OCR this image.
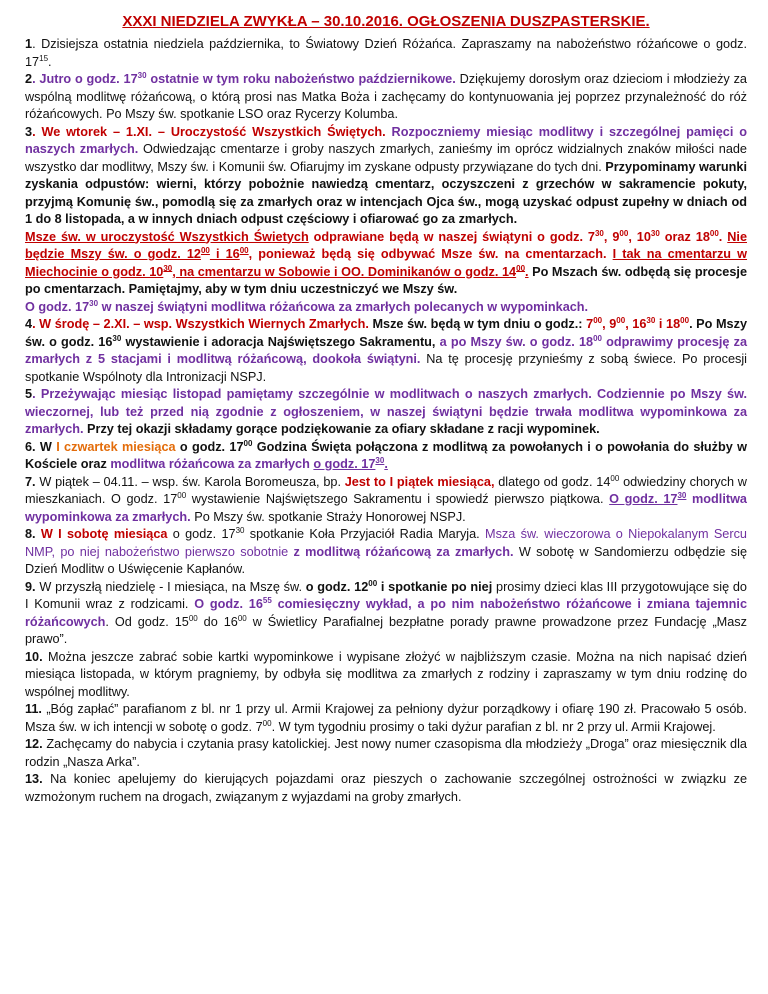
XXXI NIEDZIELA ZWYKŁA – 30.10.2016. OGŁOSZENIA DUSZPASTERSKIE.

1. Dzisiejsza ostatnia niedziela października, to Światowy Dzień Różańca. Zapraszamy na nabożeństwo różańcowe o godz. $17^{15}$.

2. Jutro o godz. $17^{30}$ ostatnie w tym roku nabożeństwo październikowe. Dziękujemy dorosłym oraz dzieciom i młodzieży za wspólną modlitwę różańcową, o którą prosi nas Matka Boża i zachęcamy do kontynuowania jej poprzez przynależność do róż różańcowych. Po Mszy św. spotkanie LSO oraz Rycerzy Kolumba.

3. We wtorek – 1.XI. – Uroczystość Wszystkich Świętych. Rozpoczniemy miesiąc modlitwy i szczególnej pamięci o naszych zmarłych. Odwiedzając cmentarze i groby naszych zmarłych, zanieśmy im oprócz widzialnych znaków miłości nade wszystko dar modlitwy, Mszy św. i Komunii św. Ofiarujmy im zyskane odpusty przywiązane do tych dni. Przypominamy warunki zyskania odpustów: wierni, którzy pobożnie nawiedzą cmentarz, oczyszczeni z grzechów w sakramencie pokuty, przyjmą Komunię św., pomodlą się za zmarłych oraz w intencjach Ojca św., mogą uzyskać odpust zupełny w dniach od 1 do 8 listopada, a w innych dniach odpust częściowy i ofiarować go za zmarłych.

Msze św. w uroczystość Wszystkich Świetych odprawiane będą w naszej świątyni o godz. $7^{30}$, $9^{00}$, $10^{30}$ oraz $18^{00}$. Nie będzie Mszy św. o godz. $12^{00}$ i $16^{00}$, ponieważ będą się odbywać Msze św. na cmentarzach. I tak na cmentarzu w Miechocinie o godz. $10^{30}$, na cmentarzu w Sobowie i OO. Dominikanów o godz. $14^{00}$. Po Mszach św. odbędą się procesje po cmentarzach. Pamiętajmy, aby w tym dniu uczestniczyć we Mszy św.

O godz. $17^{30}$ w naszej świątyni modlitwa różańcowa za zmarłych polecanych w wypominkach.

4. W środę – 2.XI. – wsp. Wszystkich Wiernych Zmarłych. Msze św. będą w tym dniu o godz.: $7^{00}$, $9^{00}$, $16^{30}$ i $18^{00}$. Po Mszy św. o godz. $16^{30}$ wystawienie i adoracja Najświętszego Sakramentu, a po Mszy św. o godz. $18^{00}$ odprawimy procesję za zmarłych z 5 stacjami i modlitwą różańcową, dookoła świątyni. Na tę procesję przynieśmy z sobą świece. Po procesji spotkanie Wspólnoty dla Intronizacji NSPJ.

5. Przeżywając miesiąc listopad pamiętamy szczególnie w modlitwach o naszych zmarłych. Codziennie po Mszy św. wieczornej, lub też przed nią zgodnie z ogłoszeniem, w naszej świątyni będzie trwała modlitwa wypominkowa za zmarłych. Przy tej okazji składamy gorące podziękowanie za ofiary składane z racji wypominek.

6. W I czwartek miesiąca o godz. $17^{00}$ Godzina Święta połączona z modlitwą za powołanych i o powołania do służby w Kościele oraz modlitwa różańcowa za zmarłych o godz. $17^{30}$.

7. W piątek – 04.11. – wsp. św. Karola Boromeusza, bp. Jest to I piątek miesiąca, dlatego od godz. $14^{00}$ odwiedziny chorych w mieszkaniach. O godz. $17^{00}$ wystawienie Najświętszego Sakramentu i spowiedź pierwszo piątkowa. O godz. $17^{30}$ modlitwa wypominkowa za zmarłych. Po Mszy św. spotkanie Straży Honorowej NSPJ.

8. W I sobotę miesiąca o godz. $17^{30}$ spotkanie Koła Przyjaciół Radia Maryja. Msza św. wieczorowa o Niepokalanym Sercu NMP, po niej nabożeństwo pierwszo sobotnie z modlitwą różańcową za zmarłych. W sobotę w Sandomierzu odbędzie się Dzień Modlitw o Uświęcenie Kapłanów.

9. W przyszłą niedzielę - I miesiąca, na Mszę św. o godz. $12^{00}$ i spotkanie po niej prosimy dzieci klas III przygotowujące się do I Komunii wraz z rodzicami. O godz. $16^{55}$ comiesięczny wykład, a po nim nabożeństwo różańcowe i zmiana tajemnic różańcowych. Od godz. $15^{00}$ do $16^{00}$ w Świetlicy Parafialnej bezpłatne porady prawne prowadzone przez Fundację „Masz prawo”.

10. Można jeszcze zabrać sobie kartki wypominkowe i wypisane złożyć w najbliższym czasie. Można na nich napisać dzień miesiąca listopada, w którym pragniemy, by odbyła się modlitwa za zmarłych z rodziny i zapraszamy w tym dniu rodzinę do wspólnej modlitwy.

11. „Bóg zapłać” parafianom z bl. nr 1 przy ul. Armii Krajowej za pełniony dyżur porządkowy i ofiarę 190 zł. Pracowało 5 osób. Msza św. w ich intencji w sobotę o godz. $7^{00}$. W tym tygodniu prosimy o taki dyżur parafian z bl. nr 2 przy ul. Armii Krajowej.

12. Zachęcamy do nabycia i czytania prasy katolickiej. Jest nowy numer czasopisma dla młodzieży „Droga” oraz miesięcznik dla rodzin „Nasza Arka”.

13. Na koniec apelujemy do kierujących pojazdami oraz pieszych o zachowanie szczególnej ostrożności w związku ze wzmożonym ruchem na drogach, związanym z wyjazdami na groby zmarłych.
